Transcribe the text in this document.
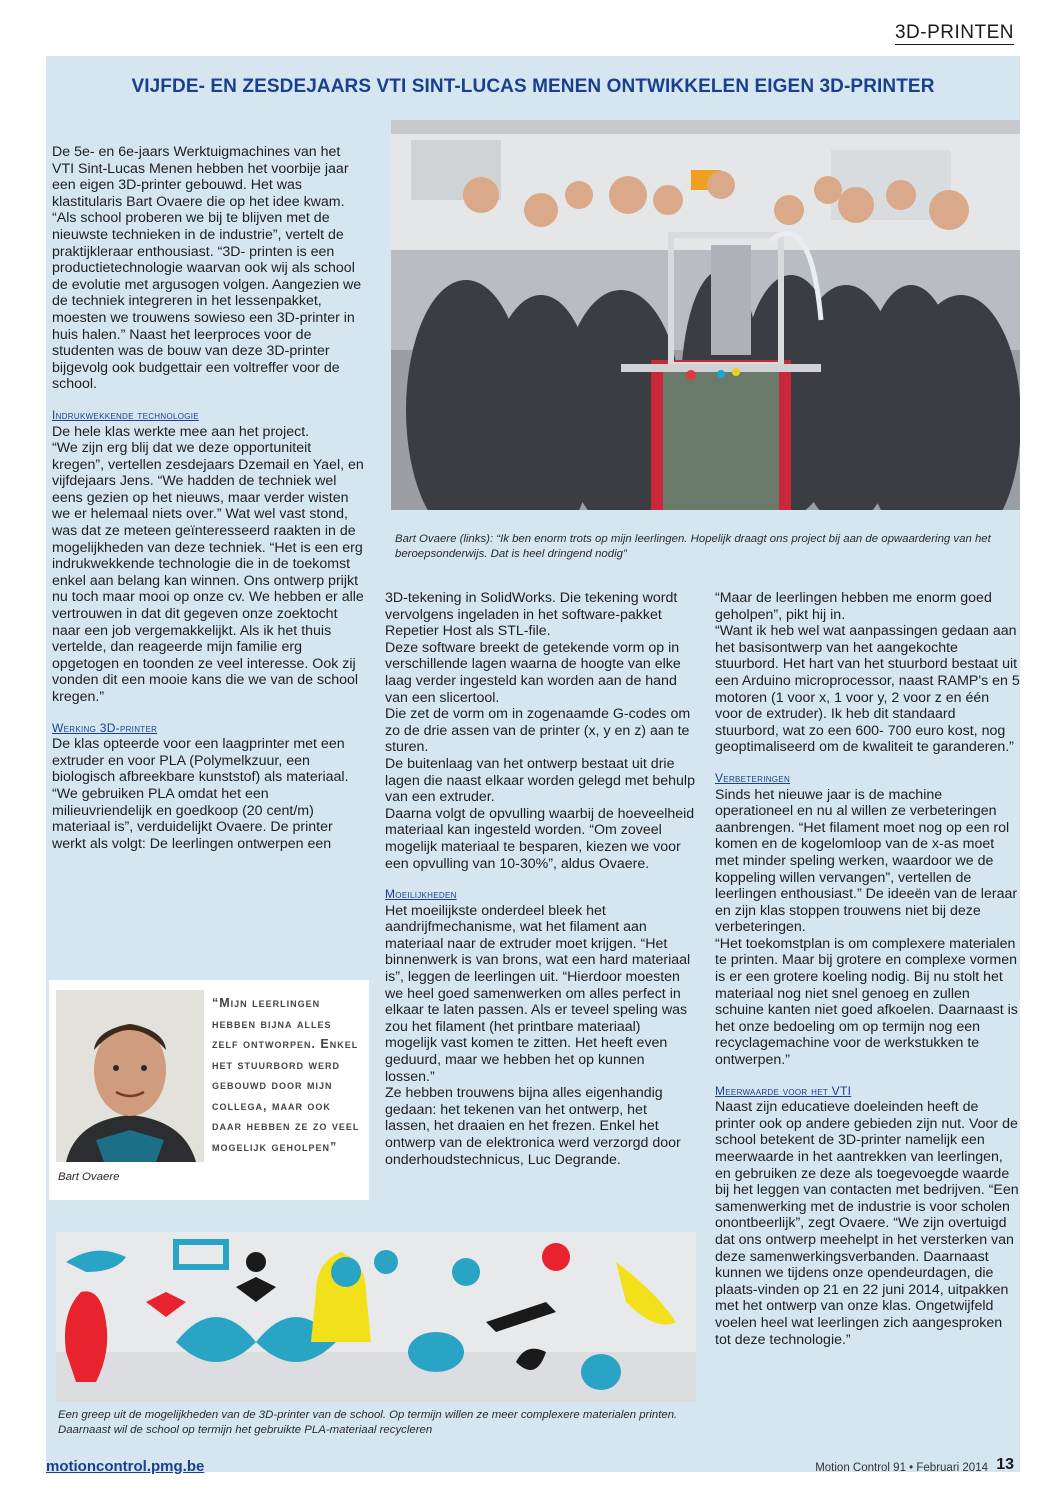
3D-PRINTEN
VIJFDE- EN ZESDEJAARS VTI SINT-LUCAS MENEN ONTWIKKELEN EIGEN 3D-PRINTER
Bart Ovaere (links): “Ik ben enorm trots op mijn leerlingen. Hopelijk draagt ons project bij aan de opwaardering van het beroepsonderwijs. Dat is heel dringend nodig”

De 5e- en 6e-jaars Werktuigmachines van het VTI Sint-Lucas Menen hebben het voorbije jaar een eigen 3D-printer gebouwd. Het was klastitularis Bart Ovaere die op het idee kwam.

“Als school proberen we bij te blijven met de nieuwste technieken in de industrie”, vertelt de praktijkleraar enthousiast. “3D- printen is een productietechnologie waarvan ook wij als school de evolutie met argusogen volgen. Aangezien we de techniek integreren in het lessenpakket, moesten we trouwens sowieso een 3D-printer in huis halen.” Naast het leerproces voor de studenten was de bouw van deze 3D-printer bijgevolg ook budgettair een voltreffer voor de school.

Indrukwekkende technologie

De hele klas werkte mee aan het project.

“We zijn erg blij dat we deze opportuniteit kregen”, vertellen zesdejaars Dzemail en Yael, en vijfdejaars Jens. “We hadden de techniek wel eens gezien op het nieuws, maar verder wisten we er helemaal niets over.” Wat wel vast stond, was dat ze meteen geïnteresseerd raakten in de mogelijkheden van deze techniek. “Het is een erg indrukwekkende technologie die in de toekomst enkel aan belang kan winnen. Ons ontwerp prijkt nu toch maar mooi op onze cv. We hebben er alle vertrouwen in dat dit gegeven onze zoektocht naar een job vergemakkelijkt. Als ik het thuis vertelde, dan reageerde mijn familie erg opgetogen en toonden ze veel interesse. Ook zij vonden dit een mooie kans die we van de school kregen.”

Werking 3D-printer

De klas opteerde voor een laagprinter met een extruder en voor PLA (Polymelkzuur, een biologisch afbreekbare kunststof) als materiaal.

“We gebruiken PLA omdat het een milieuvriendelijk en goedkoop (20 cent/m) materiaal is”, verduidelijkt Ovaere. De printer werkt als volgt: De leerlingen ontwerpen een

3D-tekening in SolidWorks. Die tekening wordt vervolgens ingeladen in het software-pakket Repetier Host als STL-file.

Deze software breekt de getekende vorm op in verschillende lagen waarna de hoogte van elke laag verder ingesteld kan worden aan de hand van een slicertool.

Die zet de vorm om in zogenaamde G-codes om zo de drie assen van de printer (x, y en z) aan te sturen.

De buitenlaag van het ontwerp bestaat uit drie lagen die naast elkaar worden gelegd met behulp van een extruder.

Daarna volgt de opvulling waarbij de hoeveelheid materiaal kan ingesteld worden. “Om zoveel mogelijk materiaal te besparen, kiezen we voor een opvulling van 10-30%”, aldus Ovaere.

Moeilijkheden

Het moeilijkste onderdeel bleek het aandrijfmechanisme, wat het filament aan materiaal naar de extruder moet krijgen. “Het binnenwerk is van brons, wat een hard materiaal is”, leggen de leerlingen uit. “Hierdoor moesten we heel goed samenwerken om alles perfect in elkaar te laten passen. Als er teveel speling was zou het filament (het printbare materiaal) mogelijk vast komen te zitten. Het heeft even geduurd, maar we hebben het op kunnen lossen.”

Ze hebben trouwens bijna alles eigenhandig gedaan: het tekenen van het ontwerp, het lassen, het draaien en het frezen. Enkel het ontwerp van de elektronica werd verzorgd door onderhoudstechnicus, Luc Degrande.

“Maar de leerlingen hebben me enorm goed geholpen”, pikt hij in.

“Want ik heb wel wat aanpassingen gedaan aan het basisontwerp van het aangekochte stuurbord. Het hart van het stuurbord bestaat uit een Arduino microprocessor, naast RAMP's en 5 motoren (1 voor x, 1 voor y, 2 voor z en één voor de extruder). Ik heb dit standaard stuurbord, wat zo een 600- 700 euro kost, nog geoptimaliseerd om de kwaliteit te garanderen.”

Verbeteringen

Sinds het nieuwe jaar is de machine operationeel en nu al willen ze verbeteringen aanbrengen. “Het filament moet nog op een rol komen en de kogelomloop van de x-as moet met minder speling werken, waardoor we de koppeling willen vervangen”, vertellen de leerlingen enthousiast.” De ideeën van de leraar en zijn klas stoppen trouwens niet bij deze verbeteringen.

“Het toekomstplan is om complexere materialen te printen. Maar bij grotere en complexe vormen is er een grotere koeling nodig. Bij nu stolt het materiaal nog niet snel genoeg en zullen schuine kanten niet goed afkoelen. Daarnaast is het onze bedoeling om op termijn nog een recyclagemachine voor de werkstukken te ontwerpen.”

Meerwaarde voor het VTI

Naast zijn educatieve doeleinden heeft de printer ook op andere gebieden zijn nut. Voor de school betekent de 3D-printer namelijk een meerwaarde in het aantrekken van leerlingen, en gebruiken ze deze als toegevoegde waarde bij het leggen van contacten met bedrijven. “Een samenwerking met de industrie is voor scholen onontbeerlijk”, zegt Ovaere. “We zijn overtuigd dat ons ontwerp meehelpt in het versterken van deze samenwerkingsverbanden. Daarnaast kunnen we tijdens onze opendeurdagen, die plaats-vinden op 21 en 22 juni 2014, uitpakken met het ontwerp van onze klas. Ongetwijfeld voelen heel wat leerlingen zich aangesproken tot deze technologie.”

Bart Ovaere
“Mijn leerlingen hebben bijna alles zelf ontworpen. Enkel het stuurbord werd gebouwd door mijn collega, maar ook daar hebben ze zo veel mogelijk geholpen”
Een greep uit de mogelijkheden van de 3D-printer van de school. Op termijn willen ze meer complexere materialen printen. Daarnaast wil de school op termijn het gebruikte PLA-materiaal recycleren
motioncontrol.pmg.be	Motion Control 91 • Februari 2014 13
